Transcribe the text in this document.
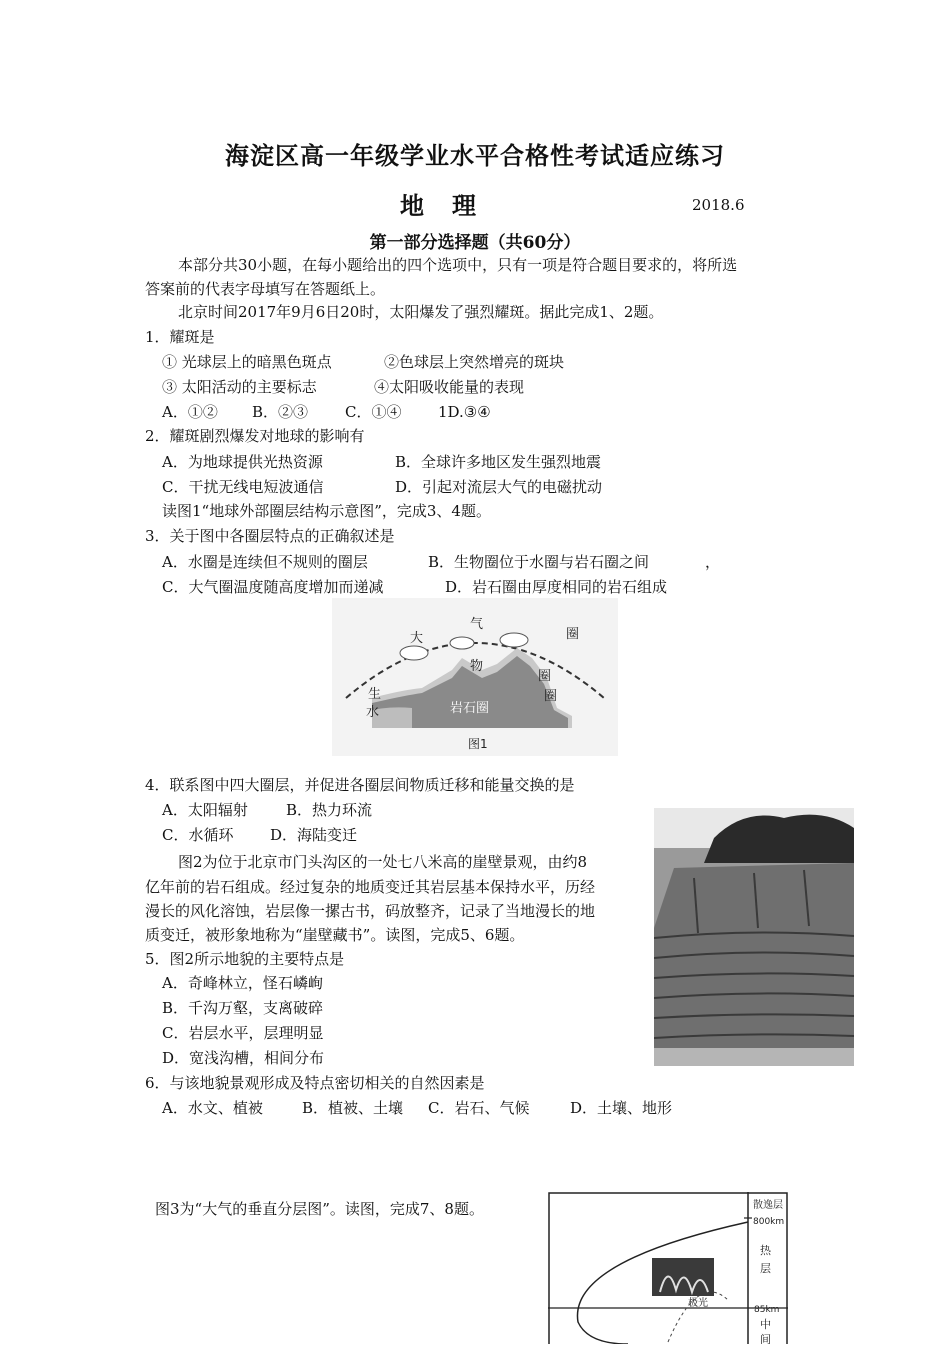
海淀区高一年级学业水平合格性考试适应练习
地理	2018.6
第一部分选择题（共60分）
本部分共30小题，在每小题给出的四个选项中，只有一项是符合题目要求的，将所选
答案前的代表字母填写在答题纸上。
北京时间2017年9月6日20时，太阳爆发了强烈耀斑。据此完成1、2题。
1．耀斑是
① 光球层上的暗黑色斑点	②色球层上突然增亮的斑块
③ 太阳活动的主要标志	④太阳吸收能量的表现
A．①② B．②③ C．①④ 1D.③④
2．耀斑剧烈爆发对地球的影响有
A．为地球提供光热资源	B．全球许多地区发生强烈地震
C．干扰无线电短波通信	D．引起对流层大气的电磁扰动
读图1“地球外部圈层结构示意图”，完成3、4题。
3．关于图中各圈层特点的正确叙述是
A．水圈是连续但不规则的圈层	B．生物圈位于水圈与岩石圈之间	，
C．大气圈温度随高度增加而递减	D．岩石圈由厚度相同的岩石组成
大
气
圈
物
生
圈
圈
水	岩石圈
图1
4．联系图中四大圈层，并促进各圈层间物质迁移和能量交换的是
A．太阳辐射	B．热力环流
C．水循环 D．海陆变迁
图2为位于北京市门头沟区的一处七八米高的崖壁景观，由约8
亿年前的岩石组成。经过复杂的地质变迁其岩层基本保持水平，历经
漫长的风化溶蚀，岩层像一摞古书，码放整齐，记录了当地漫长的地
质变迁，被形象地称为“崖壁藏书”。读图，完成5、6题。
5．图2所示地貌的主要特点是
A．奇峰林立，怪石嶙峋
B．千沟万壑，支离破碎
C．岩层水平，层理明显
D．宽浅沟槽，相间分布
6．与该地貌景观形成及特点密切相关的自然因素是
A．水文、植被	B．植被、土壤 C．岩石、气候	D．土壤、地形
图3为“大气的垂直分层图”。读图，完成7、8题。	散逸层
800km
热
层
极光
85km
中
间
